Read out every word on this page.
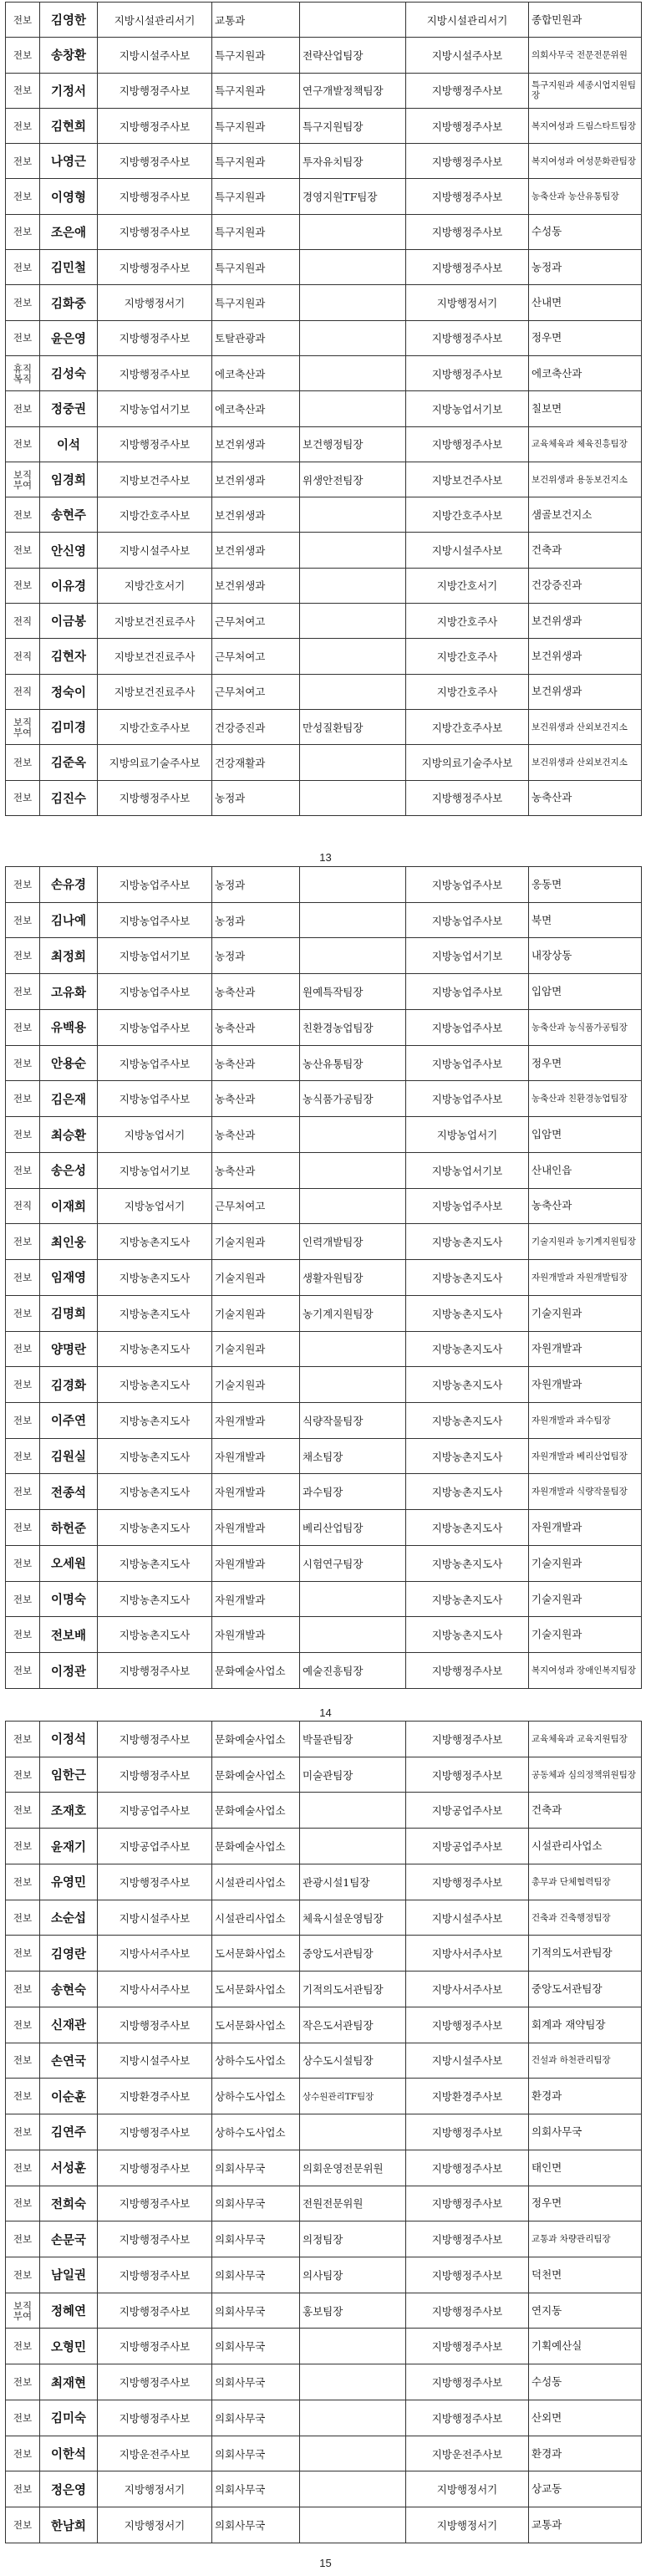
전보	김영한	지방시설관리서기	교통과		지방시설관리서기	종합민원과
전보	송창환	지방시설주사보	특구지원과	전략산업팀장	지방시설주사보	의회사무국 전문전문위원
전보	기정서	지방행정주사보	특구지원과	연구개발정책팀장	지방행정주사보	특구지원과 세종시업지원팀장
전보	김현희	지방행정주사보	특구지원과	특구지원팀장	지방행정주사보	복지여성과 드림스타트팀장
전보	나영근	지방행정주사보	특구지원과	투자유치팀장	지방행정주사보	복지여성과 여성문화관팀장
전보	이영형	지방행정주사보	특구지원과	경영지원TF팀장	지방행정주사보	농축산과 농산유통팀장
전보	조은애	지방행정주사보	특구지원과		지방행정주사보	수성동
전보	김민철	지방행정주사보	특구지원과		지방행정주사보	농정과
전보	김화중	지방행정서기	특구지원과		지방행정서기	산내면
전보	윤은영	지방행정주사보	토탈관광과		지방행정주사보	정우면
휴직 복직	김성숙	지방행정주사보	에코축산과		지방행정주사보	에코축산과
전보	정중권	지방농업서기보	에코축산과		지방농업서기보	칠보면
전보	이석	지방행정주사보	보건위생과	보건행정팀장	지방행정주사보	교육체육과 체육진흥팀장
보직 부여	임경희	지방보건주사보	보건위생과	위생안전팀장	지방보건주사보	보건위생과 용동보건지소
전보	송현주	지방간호주사보	보건위생과		지방간호주사보	샘골보건지소
전보	안신영	지방시설주사보	보건위생과		지방시설주사보	건축과
전보	이유경	지방간호서기	보건위생과		지방간호서기	건강증진과
전직	이금봉	지방보건진료주사	근무처여고		지방간호주사	보건위생과
전직	김현자	지방보건진료주사	근무처여고		지방간호주사	보건위생과
전직	정숙이	지방보건진료주사	근무처여고		지방간호주사	보건위생과
보직 부여	김미경	지방간호주사보	건강증진과	만성질환팀장	지방간호주사보	보건위생과 산외보건지소
전보	김준옥	지방의료기술주사보	건강재활과		지방의료기술주사보	보건위생과 산외보건지소
전보	김진수	지방행정주사보	농정과		지방행정주사보	농축산과
13
전보	손유경	지방농업주사보	농정과		지방농업주사보	옹동면
전보	김나예	지방농업주사보	농정과		지방농업주사보	북면
전보	최정희	지방농업서기보	농정과		지방농업서기보	내장상동
전보	고유화	지방농업주사보	농축산과	원예특작팀장	지방농업주사보	입암면
전보	유백용	지방농업주사보	농축산과	친환경농업팀장	지방농업주사보	농축산과 농식품가공팀장
전보	안용순	지방농업주사보	농축산과	농산유통팀장	지방농업주사보	정우면
전보	김은재	지방농업주사보	농축산과	농식품가공팀장	지방농업주사보	농축산과 친환경농업팀장
전보	최승환	지방농업서기	농축산과		지방농업서기	입암면
전보	송은성	지방농업서기보	농축산과		지방농업서기보	산내인읍
전직	이재희	지방농업서기	근무처여고		지방농업주사보	농축산과
전보	최인웅	지방농촌지도사	기술지원과	인력개발팀장	지방농촌지도사	기술지원과 농기계지원팀장
전보	임재영	지방농촌지도사	기술지원과	생활자원팀장	지방농촌지도사	자원개발과 자원개발팀장
전보	김명희	지방농촌지도사	기술지원과	농기계지원팀장	지방농촌지도사	기술지원과
전보	양명란	지방농촌지도사	기술지원과		지방농촌지도사	자원개발과
전보	김경화	지방농촌지도사	기술지원과		지방농촌지도사	자원개발과
전보	이주연	지방농촌지도사	자원개발과	식량작물팀장	지방농촌지도사	자원개발과 과수팀장
전보	김원실	지방농촌지도사	자원개발과	채소팀장	지방농촌지도사	자원개발과 베리산업팀장
전보	전종석	지방농촌지도사	자원개발과	과수팀장	지방농촌지도사	자원개발과 식량작물팀장
전보	하헌준	지방농촌지도사	자원개발과	베리산업팀장	지방농촌지도사	자원개발과
전보	오세원	지방농촌지도사	자원개발과	시험연구팀장	지방농촌지도사	기술지원과
전보	이명숙	지방농촌지도사	자원개발과		지방농촌지도사	기술지원과
전보	전보배	지방농촌지도사	자원개발과		지방농촌지도사	기술지원과
전보	이정관	지방행정주사보	문화예술사업소	예술진흥팀장	지방행정주사보	복지여성과 장애인복지팀장
14
전보	이정석	지방행정주사보	문화예술사업소	박물관팀장	지방행정주사보	교육체육과 교육지원팀장
전보	임한근	지방행정주사보	문화예술사업소	미술관팀장	지방행정주사보	공동체과 심의정책위원팀장
전보	조재호	지방공업주사보	문화예술사업소		지방공업주사보	건축과
전보	윤재기	지방공업주사보	문화예술사업소		지방공업주사보	시설관리사업소
전보	유영민	지방행정주사보	시설관리사업소	관광시설1팀장	지방행정주사보	총무과 단체협력팀장
전보	소순섭	지방시설주사보	시설관리사업소	체육시설운영팀장	지방시설주사보	건축과 건축행정팀장
전보	김영란	지방사서주사보	도서문화사업소	중앙도서관팀장	지방사서주사보	기적의도서관팀장
전보	송현숙	지방사서주사보	도서문화사업소	기적의도서관팀장	지방사서주사보	중앙도서관팀장
전보	신재관	지방행정주사보	도서문화사업소	작은도서관팀장	지방행정주사보	회계과 재약팀장
전보	손연국	지방시설주사보	상하수도사업소	상수도시설팀장	지방시설주사보	건설과 하천관리팀장
전보	이순훈	지방환경주사보	상하수도사업소	상수원관리TF팀장	지방환경주사보	환경과
전보	김연주	지방행정주사보	상하수도사업소		지방행정주사보	의회사무국
전보	서성훈	지방행정주사보	의회사무국	의회운영전문위원	지방행정주사보	태인면
전보	전희숙	지방행정주사보	의회사무국	전원전문위원	지방행정주사보	정우면
전보	손문국	지방행정주사보	의회사무국	의정팀장	지방행정주사보	교통과 차량관리팀장
전보	남일권	지방행정주사보	의회사무국	의사팀장	지방행정주사보	덕천면
보직 부여	정혜연	지방행정주사보	의회사무국	홍보팀장	지방행정주사보	연지동
전보	오형민	지방행정주사보	의회사무국		지방행정주사보	기획예산실
전보	최재현	지방행정주사보	의회사무국		지방행정주사보	수성동
전보	김미숙	지방행정주사보	의회사무국		지방행정주사보	산외면
전보	이한석	지방운전주사보	의회사무국		지방운전주사보	환경과
전보	정은영	지방행정서기	의회사무국		지방행정서기	상교동
전보	한남희	지방행정서기	의회사무국		지방행정서기	교통과
15
